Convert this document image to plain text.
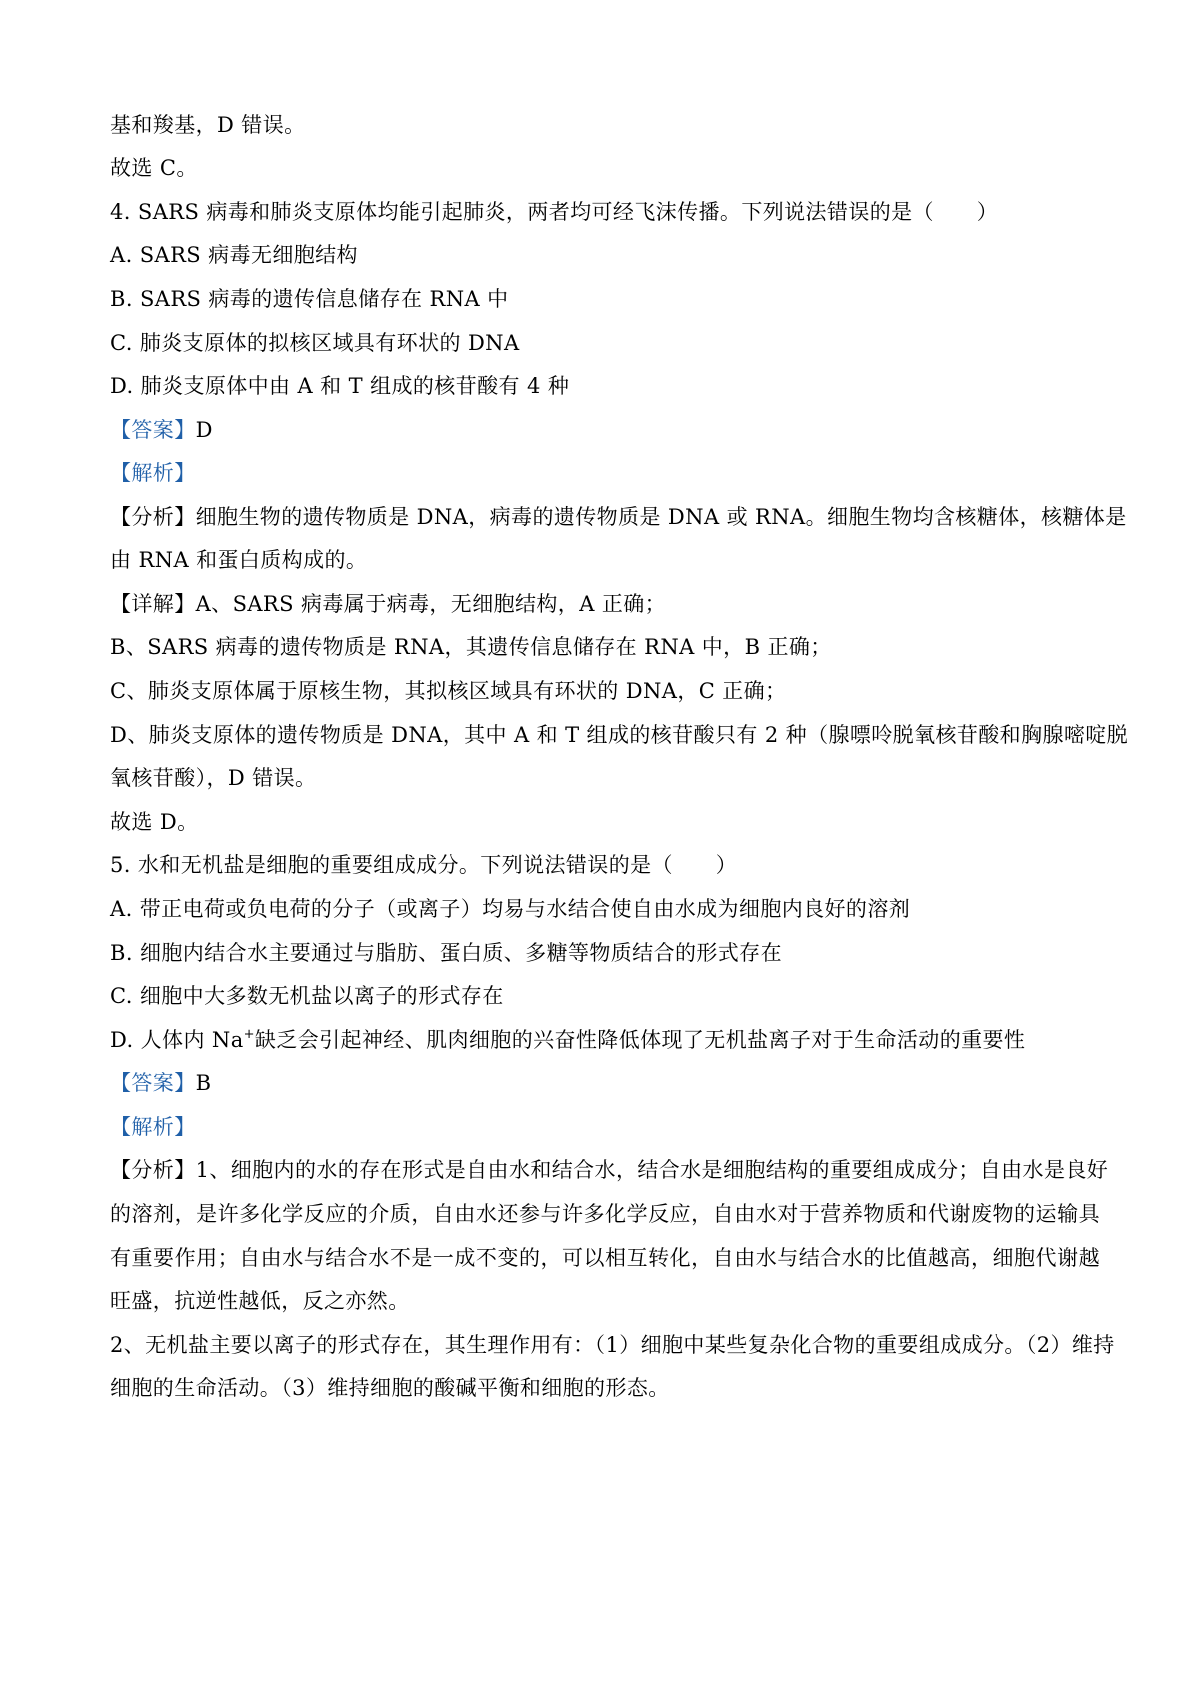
基和羧基，D 错误。
故选 C。
4. SARS 病毒和肺炎支原体均能引起肺炎，两者均可经飞沫传播。下列说法错误的是（　　）
A. SARS 病毒无细胞结构
B. SARS 病毒的遗传信息储存在 RNA 中
C. 肺炎支原体的拟核区域具有环状的 DNA
D. 肺炎支原体中由 A 和 T 组成的核苷酸有 4 种
【答案】D
【解析】
【分析】细胞生物的遗传物质是 DNA，病毒的遗传物质是 DNA 或 RNA。细胞生物均含核糖体，核糖体是
由 RNA 和蛋白质构成的。
【详解】A、SARS 病毒属于病毒，无细胞结构，A 正确；
B、SARS 病毒的遗传物质是 RNA，其遗传信息储存在 RNA 中，B 正确；
C、肺炎支原体属于原核生物，其拟核区域具有环状的 DNA，C 正确；
D、肺炎支原体的遗传物质是 DNA，其中 A 和 T 组成的核苷酸只有 2 种（腺嘌呤脱氧核苷酸和胸腺嘧啶脱
氧核苷酸），D 错误。
故选 D。
5. 水和无机盐是细胞的重要组成成分。下列说法错误的是（　　）
A. 带正电荷或负电荷的分子（或离子）均易与水结合使自由水成为细胞内良好的溶剂
B. 细胞内结合水主要通过与脂肪、蛋白质、多糖等物质结合的形式存在
C. 细胞中大多数无机盐以离子的形式存在
D. 人体内 Na+缺乏会引起神经、肌肉细胞的兴奋性降低体现了无机盐离子对于生命活动的重要性
【答案】B
【解析】
【分析】1、细胞内的水的存在形式是自由水和结合水，结合水是细胞结构的重要组成成分；自由水是良好
的溶剂，是许多化学反应的介质，自由水还参与许多化学反应，自由水对于营养物质和代谢废物的运输具
有重要作用；自由水与结合水不是一成不变的，可以相互转化，自由水与结合水的比值越高，细胞代谢越
旺盛，抗逆性越低，反之亦然。
2、无机盐主要以离子的形式存在，其生理作用有：（1）细胞中某些复杂化合物的重要组成成分。（2）维持
细胞的生命活动。（3）维持细胞的酸碱平衡和细胞的形态。
